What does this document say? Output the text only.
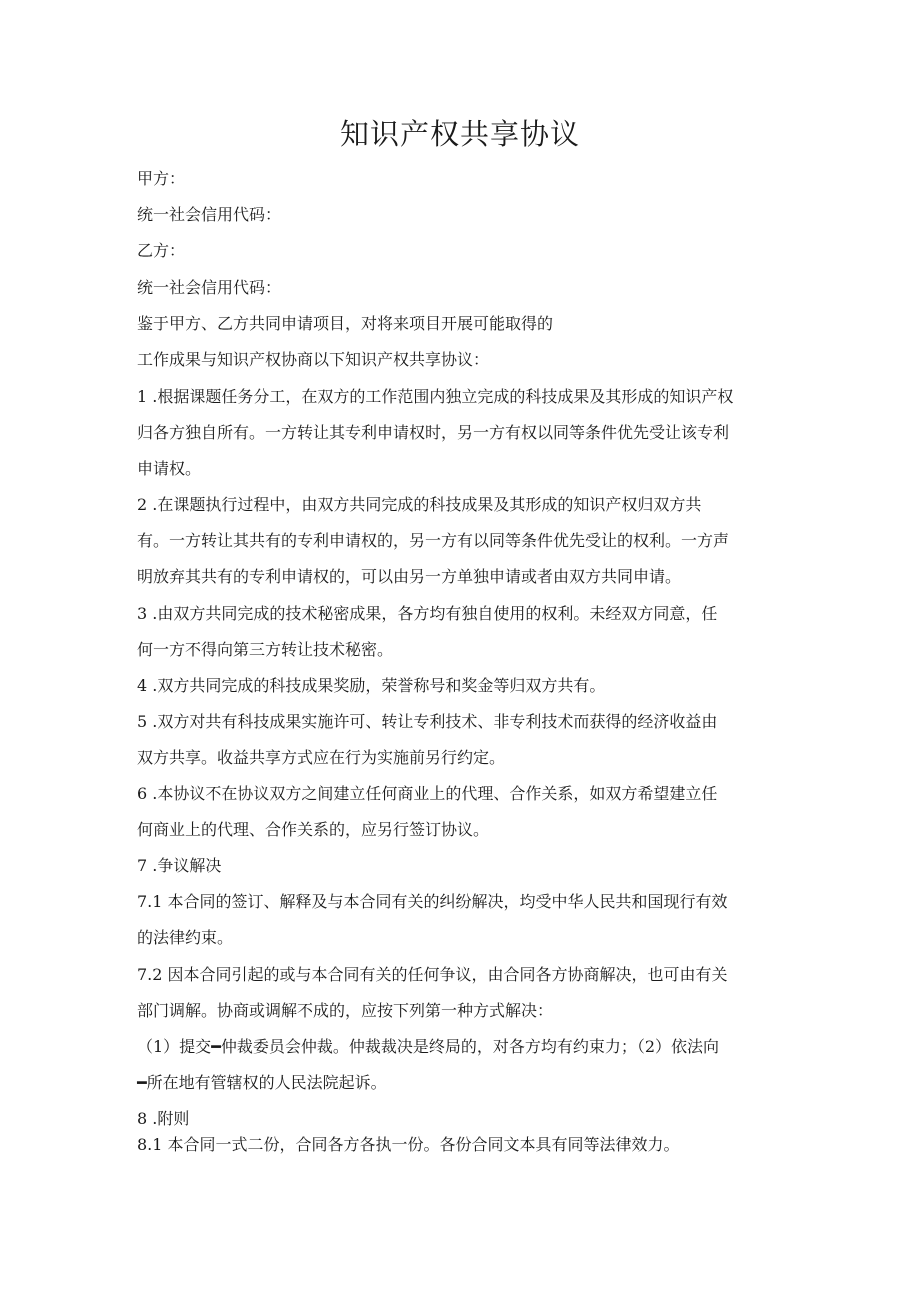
知识产权共享协议
甲方：
统一社会信用代码：
乙方：
统一社会信用代码：
鉴于甲方、乙方共同申请项目，对将来项目开展可能取得的
工作成果与知识产权协商以下知识产权共享协议：
1 .根据课题任务分工，在双方的工作范围内独立完成的科技成果及其形成的知识产权
归各方独自所有。一方转让其专利申请权时，另一方有权以同等条件优先受让该专利
申请权。
2 .在课题执行过程中，由双方共同完成的科技成果及其形成的知识产权归双方共
有。一方转让其共有的专利申请权的，另一方有以同等条件优先受让的权利。一方声
明放弃其共有的专利申请权的，可以由另一方单独申请或者由双方共同申请。
3 .由双方共同完成的技术秘密成果，各方均有独自使用的权利。未经双方同意，任
何一方不得向第三方转让技术秘密。
4 .双方共同完成的科技成果奖励，荣誉称号和奖金等归双方共有。
5 .双方对共有科技成果实施许可、转让专利技术、非专利技术而获得的经济收益由
双方共享。收益共享方式应在行为实施前另行约定。
6 .本协议不在协议双方之间建立任何商业上的代理、合作关系，如双方希望建立任
何商业上的代理、合作关系的，应另行签订协议。
7 .争议解决
7.1 本合同的签订、解释及与本合同有关的纠纷解决，均受中华人民共和国现行有效
的法律约束。
7.2 因本合同引起的或与本合同有关的任何争议，由合同各方协商解决，也可由有关
部门调解。协商或调解不成的，应按下列第一种方式解决：
（1）提交━仲裁委员会仲裁。仲裁裁决是终局的，对各方均有约束力；（2）依法向
━所在地有管辖权的人民法院起诉。
8 .附则
8.1 本合同一式二份，合同各方各执一份。各份合同文本具有同等法律效力。
